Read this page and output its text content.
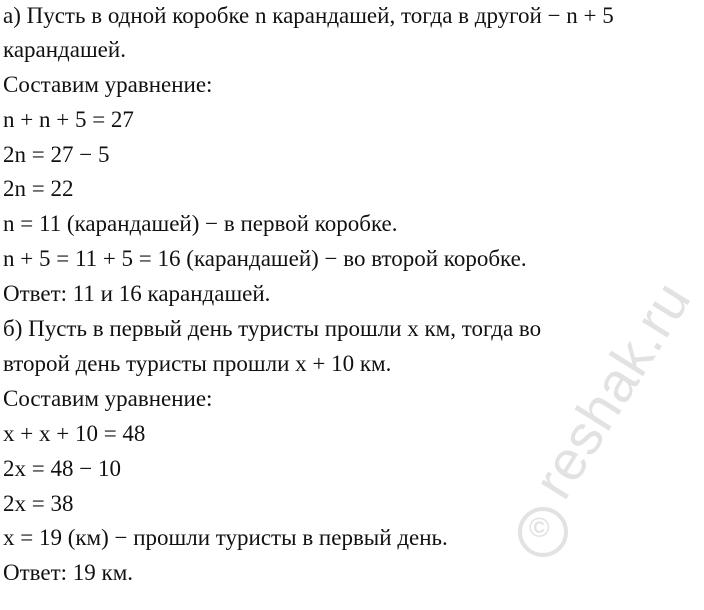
а) Пусть в одной коробке n карандашей, тогда в другой − n + 5
карандашей.
Составим уравнение:
n + n + 5 = 27
2n = 27 − 5
2n = 22
n = 11 (карандашей) − в первой коробке.
n + 5 = 11 + 5 = 16 (карандашей) − во второй коробке.
Ответ: 11 и 16 карандашей.
б) Пусть в первый день туристы прошли x км, тогда во
второй день туристы прошли x + 10 км.
Составим уравнение:
x + x + 10 = 48
2x = 48 − 10
2x = 38
x = 19 (км) − прошли туристы в первый день.
Ответ: 19 км.
reshak.ru
©
